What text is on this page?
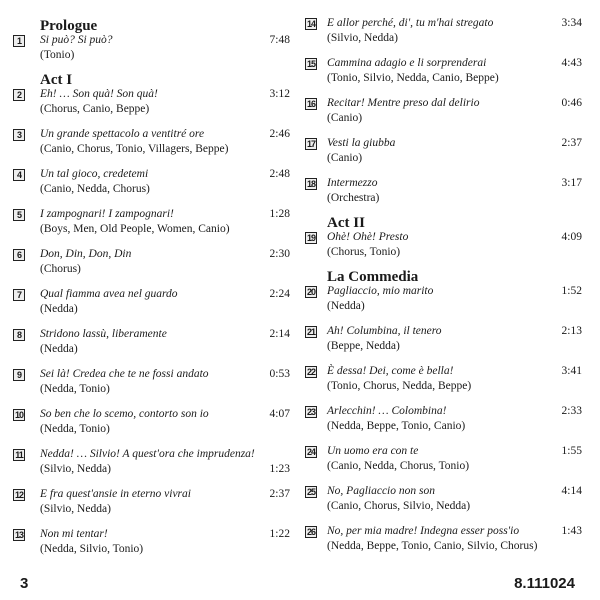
Prologue
1	Si può? Si può?
(Tonio)
7:48
Act I
2	Eh! … Son quà! Son quà!
(Chorus, Canio, Beppe)
3:12
3	Un grande spettacolo a ventitré ore
(Canio, Chorus, Tonio, Villagers, Beppe)
2:46
4	Un tal gioco, credetemi
(Canio, Nedda, Chorus)
2:48
5	I zampognari! I zampognari!
(Boys, Men, Old People, Women, Canio)
1:28
6	Don, Din, Don, Din
(Chorus)
2:30
7	Qual fiamma avea nel guardo
(Nedda)
2:24
8	Stridono lassù, liberamente
(Nedda)
2:14
9	Sei là! Credea che te ne fossi andato
(Nedda, Tonio)
0:53
10 So ben che lo scemo, contorto son io
(Nedda, Tonio)
4:07
11 Nedda! … Silvio! A quest'ora che imprudenza!
(Silvio, Nedda)	1:23
12 E fra quest'ansie in eterno vivrai
(Silvio, Nedda)
2:37
13 Non mi tentar!
(Nedda, Silvio, Tonio)
1:22
14 E allor perché, di', tu m'hai stregato
(Silvio, Nedda)
3:34
15 Cammina adagio e li sorprenderai
(Tonio, Silvio, Nedda, Canio, Beppe)
4:43
16 Recitar! Mentre preso dal delirio
(Canio)
0:46
17 Vesti la giubba
(Canio)
2:37
18 Intermezzo
(Orchestra)
3:17
Act II
19 Ohè! Ohè! Presto
(Chorus, Tonio)
4:09
La Commedia
20 Pagliaccio, mio marito
(Nedda)
1:52
21 Ah! Columbina, il tenero
(Beppe, Nedda)
2:13
22 È dessa! Dei, come è bella!
(Tonio, Chorus, Nedda, Beppe)
3:41
23 Arlecchin! … Colombina!
(Nedda, Beppe, Tonio, Canio)
2:33
24 Un uomo era con te
(Canio, Nedda, Chorus, Tonio)
1:55
25 No, Pagliaccio non son
(Canio, Chorus, Silvio, Nedda)
4:14
26 No, per mia madre! Indegna esser poss'io
(Nedda, Beppe, Tonio, Canio, Silvio, Chorus)
1:43
3	8.111024
